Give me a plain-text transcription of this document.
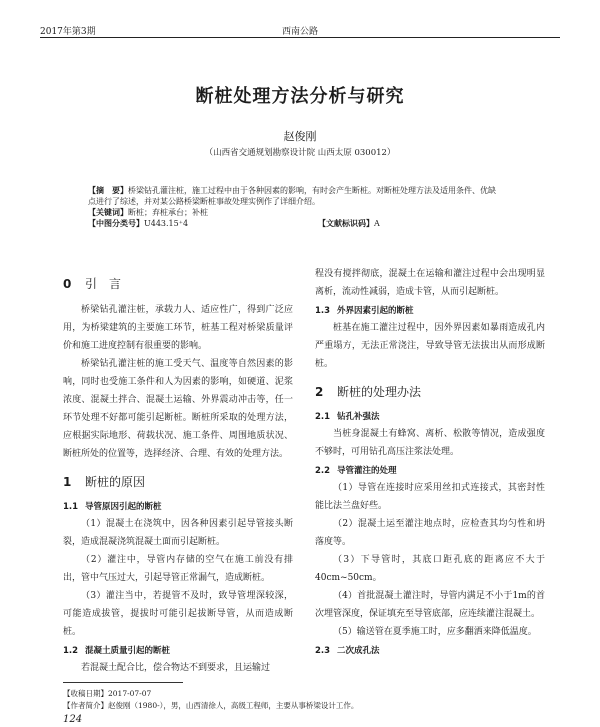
2017年第3期	西南公路
断桩处理方法分析与研究
赵俊刚
（山西省交通规划勘察设计院 山西太原 030012）

【摘　要】桥梁钻孔灌注桩，施工过程中由于各种因素的影响，有时会产生断桩。对断桩处理方法及适用条件、优缺点进行了综述，并对某公路桥梁断桩事故处理实例作了详细介绍。

【关键词】断桩；弃桩承台；补桩

【中图分类号】U443.15⁺4	【文献标识码】A

0 引　言

桥梁钻孔灌注桩，承载力人、适应性广，得到广泛应用，为桥梁建筑的主要施工环节，桩基工程对桥梁质量评价和施工进度控制有很重要的影响。

桥梁钻孔灌注桩的施工受天气、温度等自然因素的影响，同时也受施工条件和人为因素的影响，如硬道、泥浆浓度、混凝土拌合、混凝土运输、外界震动冲击等，任一环节处理不好都可能引起断桩。断桩所采取的处理方法，应根据实际地形、荷载状况、施工条件、周围地质状况、断桩所处的位置等，选择经济、合理、有效的处理方法。

1 断桩的原因
1.1 导管原因引起的断桩

（1）混凝土在浇筑中，因各种因素引起导管接头断裂，造成混凝浇筑混凝土面而引起断桩。

（2）灌注中，导管内存储的空气在施工前没有排出，管中气压过大，引起导管正常漏气，造成断桩。

（3）灌注当中，若提管不及时，致导管埋深较深，可能造成拔管，提拔时可能引起拔断导管，从而造成断桩。

1.2 混凝土质量引起的断桩

若混凝土配合比，偿合物达不到要求，且运输过

程没有搅拌彻底，混凝土在运输和灌注过程中会出现明显离析，流动性减弱，造成卡管，从而引起断桩。

1.3 外界因素引起的断桩

桩基在施工灌注过程中，因外界因素如暴雨造成孔内严重塌方，无法正常浇注，导致导管无法拔出从而形成断桩。

2 断桩的处理办法
2.1 钻孔补强法

当桩身混凝土有蜂窝、离析、松散等情况，造成强度不够时，可用钻孔高压注浆法处理。

2.2 导管灌注的处理

（1）导管在连接时应采用丝扣式连接式，其密封性能比法兰盘好些。

（2）混凝土运至灌注地点时，应检查其均匀性和坍落度等。

（3）下导管时，其底口距孔底的距离应不大于40cm~50cm。

（4）首批混凝土灌注时，导管内满足不小于1m的首次埋管深度，保证填充至导管底部，应连续灌注混凝土。

（5）输送管在夏季施工时，应多翻洒来降低温度。

2.3 二次成孔法
【收稿日期】2017-07-07
【作者简介】赵俊刚（1980-），男，山西清徐人，高级工程师，主要从事桥梁设计工作。
124
